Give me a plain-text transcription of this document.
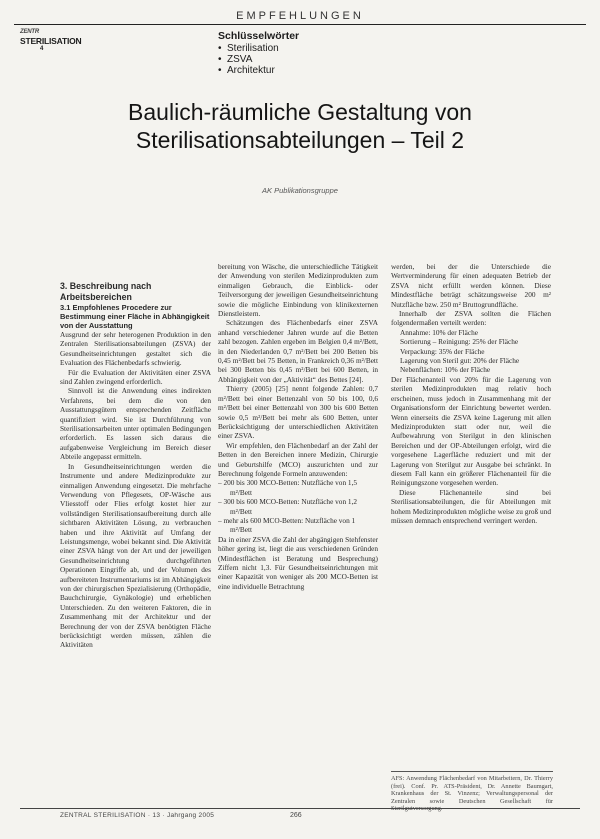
EMPFEHLUNGEN
ZENTR
STERILISATION
4
Schlüsselwörter
• Sterilisation
• ZSVA
• Architektur
Baulich-räumliche Gestaltung von
Sterilisationsabteilungen – Teil 2
AK Publikationsgruppe

3. Beschreibung nach Arbeitsbereichen

3.1 Empfohlenes Procedere zur Bestimmung einer Fläche in Abhängigkeit von der Ausstattung

Ausgrund der sehr heterogenen Produktion in den Zentralen Sterilisationsabteilungen (ZSVA) der Gesundheitseinrichtungen gestaltet sich die Evaluation des Flächenbedarfs schwierig.

Für die Evaluation der Aktivitäten einer ZSVA sind Zahlen zwingend erforderlich.

Sinnvoll ist die Anwendung eines indirekten Verfahrens, bei dem die von den Ausstattungsgütern entsprechenden Zeitfläche quantifiziert wird. Sie ist Durchführung von Sterilisationsarbeiten unter optimalen Bedingungen erforderlich. Es lassen sich daraus die aufgabenweise Vergleichung im Bereich dieser Abteile angepasst ermitteln.

In Gesundheitseinrichtungen werden die Instrumente und andere Medizinprodukte zur einmaligen Anwendung eingesetzt. Die mehrfache Verwendung von Pflegesets, OP-Wäsche aus Vliesstoff oder Flies erfolgt kostet hier zur vollständigen Sterilisationsaufbereitung durch alle sichtbaren Aktivitäten Lösung, zu verbrauchen haben und ihre Aktivität auf Umfang der Leistungsmenge, wobei bekannt sind. Die Aktivität einer ZSVA hängt von der Art und der jeweiligen Gesundheitseinrichtung durchgeführten Operationen Eingriffe ab, und der Volumen des aufbereiteten Instrumentariums ist im Abhängigkeit von der chirurgischen Spezialisierung (Orthopädie, Bauchchirurgie, Gynäkologie) und erheblichen Unterschieden. Zu den weiteren Faktoren, die in Zusammenhang mit der Architektur und der Berechnung der von der ZSVA benötigten Fläche berücksichtigt werden müssen, zählen die Aktivitäten

bereitung von Wäsche, die unterschiedliche Tätigkeit der Anwendung von sterilen Medizinprodukten zum einmaligen Gebrauch, die Einblick- oder Teilversorgung der jeweiligen Gesundheitseinrichtung sowie die mögliche Einbindung von klinikexternen Dienstleistern.

Schätzungen des Flächenbedarfs einer ZSVA anhand verschiedener Jahren wurde auf die Betten zahl bezogen. Zahlen ergeben im Belgien 0,4 m²/Bett, in den Niederlanden 0,7 m²/Bett bei 200 Betten bis 0,45 m²/Bett bei 75 Betten, in Frankreich 0,36 m²/Bett bei 300 Betten bis 0,45 m²/Bett bei 600 Betten, in Abhängigkeit von der „Aktivität“ des Bettes [24].

Thierry (2005) [25] nennt folgende Zahlen: 0,7 m²/Bett bei einer Bettenzahl von 50 bis 100, 0,6 m²/Bett bei einer Bettenzahl von 300 bis 600 Betten sowie 0,5 m²/Bett bei mehr als 600 Betten, unter Berücksichtigung der unterschiedlichen Aktivitäten einer ZSVA.

Wir empfehlen, den Flächenbedarf an der Zahl der Betten in den Bereichen innere Medizin, Chirurgie und Geburtshilfe (MCO) auszurichten und zur Berechnung folgende Formeln anzuwenden:

– 200 bis 300 MCO-Betten: Nutzfläche von 1,5 m²/Bett

– 300 bis 600 MCO-Betten: Nutzfläche von 1,2 m²/Bett

– mehr als 600 MCO-Betten: Nutzfläche von 1 m²/Bett

Da in einer ZSVA die Zahl der abgängigen Stehfenster höher gering ist, liegt die aus verschiedenen Gründen (Mindestflächen ist Beratung und Besprechung) Ziffern nicht 1,3. Für Gesundheitseinrichtungen mit einer Kapazität von weniger als 200 MCO-Betten ist eine individuelle Betrachtung

werden, bei der die Unterschiede die Wertverminderung für einen adequaten Betrieb der ZSVA nicht erfüllt werden können. Diese Mindestfläche beträgt schätzungsweise 200 m² Nutzfläche bzw. 250 m² Bruttogrundfläche.

Innerhalb der ZSVA sollten die Flächen folgendermaßen verteilt werden:

Annahme: 10% der Fläche

Sortierung – Reinigung: 25% der Fläche

Verpackung: 35% der Fläche

Lagerung von Steril gut: 20% der Fläche

Nebenflächen: 10% der Fläche

Der Flächenanteil von 20% für die Lagerung von sterilen Medizinprodukten mag relativ hoch erscheinen, muss jedoch in Zusammenhang mit der Organisationsform der Einrichtung bewertet werden. Wenn einerseits die ZSVA keine Lagerung mit allen Medizinprodukten statt oder nur, weil die Aufbewahrung von Sterilgut in den klinischen Bereichen und der OP-Abteilungen erfolgt, wird die vorgesehene Lagerfläche reduziert und mit der Lagerung von Sterilgut zur Ausgabe bei schränkt. In diesem Fall kann ein größerer Flächenanteil für die Reinigungszone vorgesehen werden.

Diese Flächenanteile sind bei Sterilisationsabteilungen, die für Abteilungen mit hohem Medizinprodukten mögliche weise zu groß und müssen demnach entsprechend verringert werden.

AFS: Anwendung Flächenbedarf von Mitarbeitern, Dr. Thierry (frei). Conf. Pr. ATS-Präsident, Dr. Annette Baumgart, Krankenhaus der St. Vinzenz; Verwaltungspersonal der Zentralen sowie Deutschen Gesellschaft für Sterilgutversorgung.
ZENTRAL STERILISATION · 13 · Jahrgang 2005	266
